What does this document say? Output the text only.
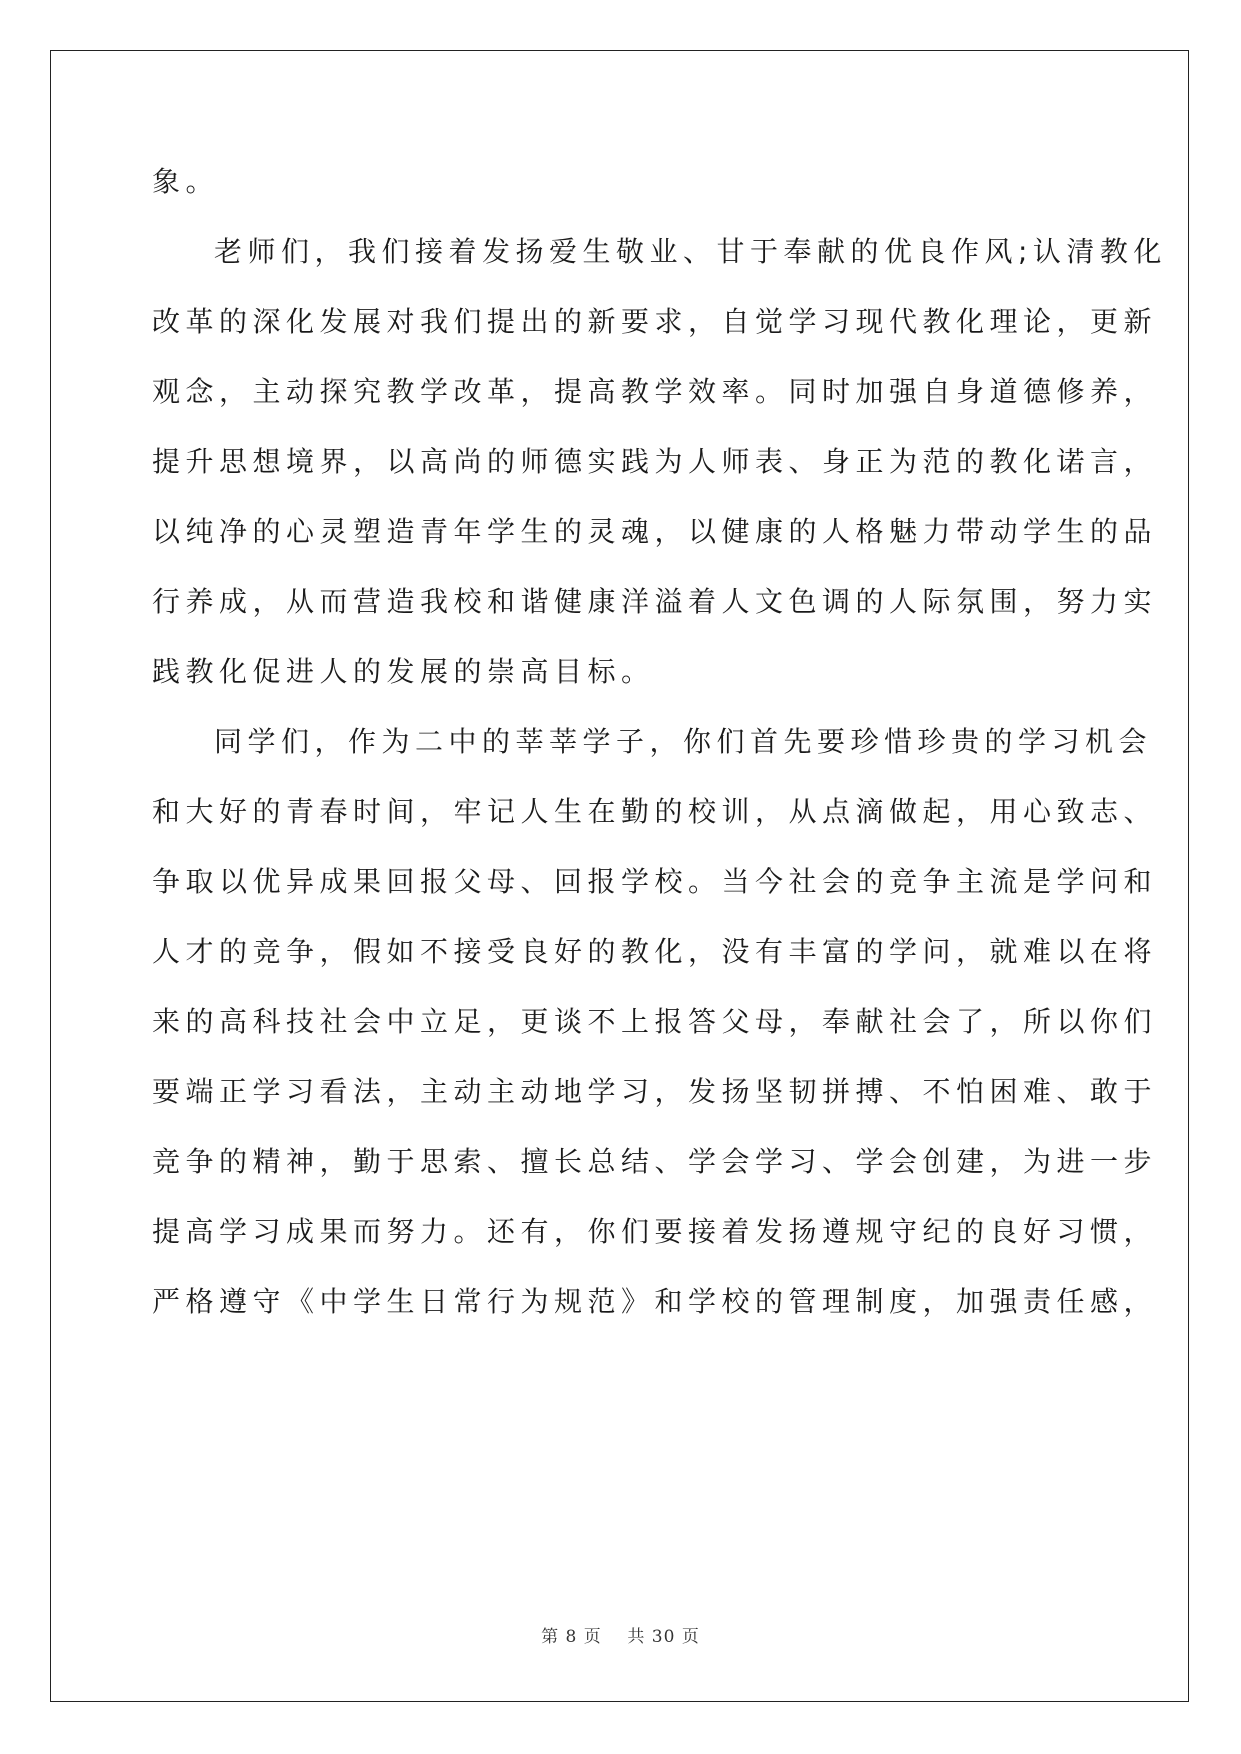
象。
老师们，我们接着发扬爱生敬业、甘于奉献的优良作风;认清教化
改革的深化发展对我们提出的新要求，自觉学习现代教化理论，更新
观念，主动探究教学改革，提高教学效率。同时加强自身道德修养，
提升思想境界，以高尚的师德实践为人师表、身正为范的教化诺言，
以纯净的心灵塑造青年学生的灵魂，以健康的人格魅力带动学生的品
行养成，从而营造我校和谐健康洋溢着人文色调的人际氛围，努力实
践教化促进人的发展的崇高目标。
同学们，作为二中的莘莘学子，你们首先要珍惜珍贵的学习机会
和大好的青春时间，牢记人生在勤的校训，从点滴做起，用心致志、
争取以优异成果回报父母、回报学校。当今社会的竞争主流是学问和
人才的竞争，假如不接受良好的教化，没有丰富的学问，就难以在将
来的高科技社会中立足，更谈不上报答父母，奉献社会了，所以你们
要端正学习看法，主动主动地学习，发扬坚韧拼搏、不怕困难、敢于
竞争的精神，勤于思索、擅长总结、学会学习、学会创建，为进一步
提高学习成果而努力。还有，你们要接着发扬遵规守纪的良好习惯，
严格遵守《中学生日常行为规范》和学校的管理制度，加强责任感，
第 8 页 共 30 页
